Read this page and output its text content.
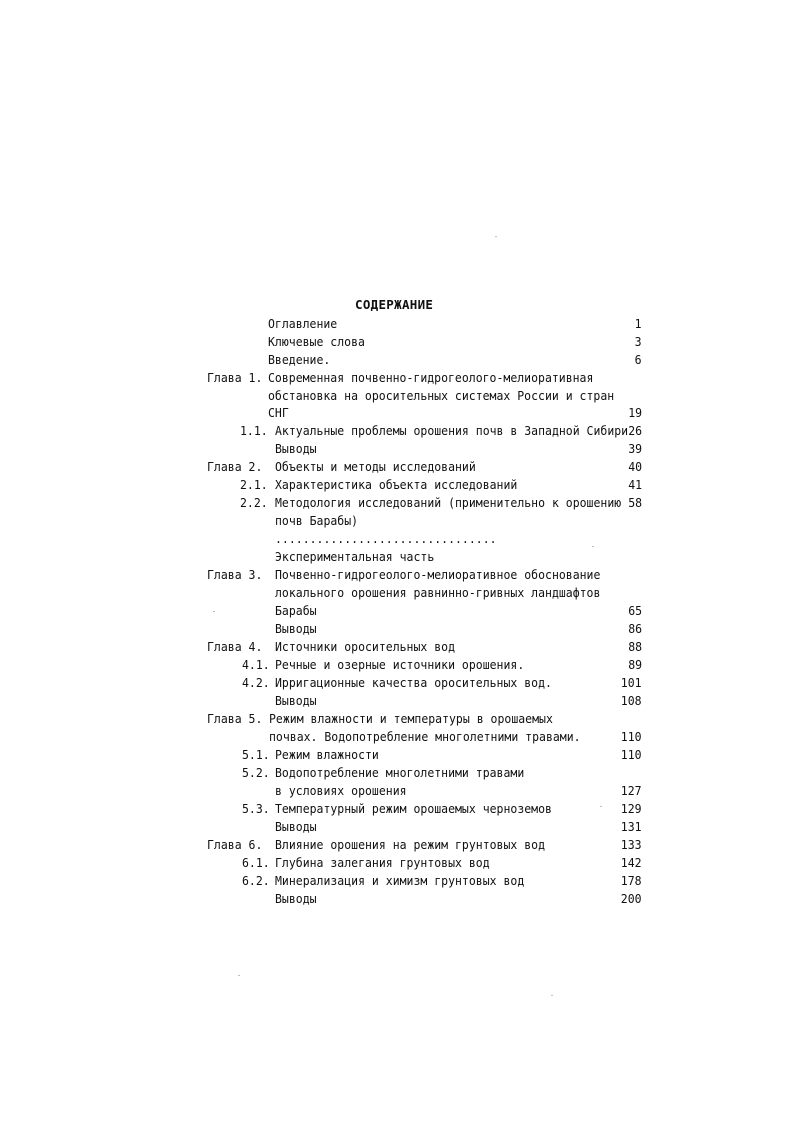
СОДЕРЖАНИЕ
Оглавление	1
Ключевые слова	3
Введение.	6
Глава 1. Современная почвенно-гидрогеолого-мелиоративная
обстановка на оросительных системах России и стран
СНГ	19
1.1. Актуальные проблемы орошения почв в Западной Сибири 26
Выводы	39
Глава 2. Объекты и методы исследований	40
2.1. Характеристика объекта исследований	41
2.2. Методология исследований (применительно к орошению 58
почв Барабы)
................................
Экспериментальная часть
Глава 3. Почвенно-гидрогеолого-мелиоративное обоснование
локального орошения равнинно-гривных ландшафтов
Барабы	65
Выводы	86
Глава 4. Источники оросительных вод	88
4.1. Речные и озерные источники орошения.	89
4.2. Ирригационные качества оросительных вод.	101
Выводы	108
Глава 5. Режим влажности и температуры в орошаемых
почвах. Водопотребление многолетними травами.	110
5.1. Режим влажности	110
5.2. Водопотребление многолетними травами
в условиях орошения	127
5.3. Температурный режим орошаемых черноземов	129
Выводы	131
Глава 6. Влияние орошения на режим грунтовых вод	133
6.1. Глубина залегания грунтовых вод	142
6.2. Минерализация и химизм грунтовых вод	178
Выводы	200
